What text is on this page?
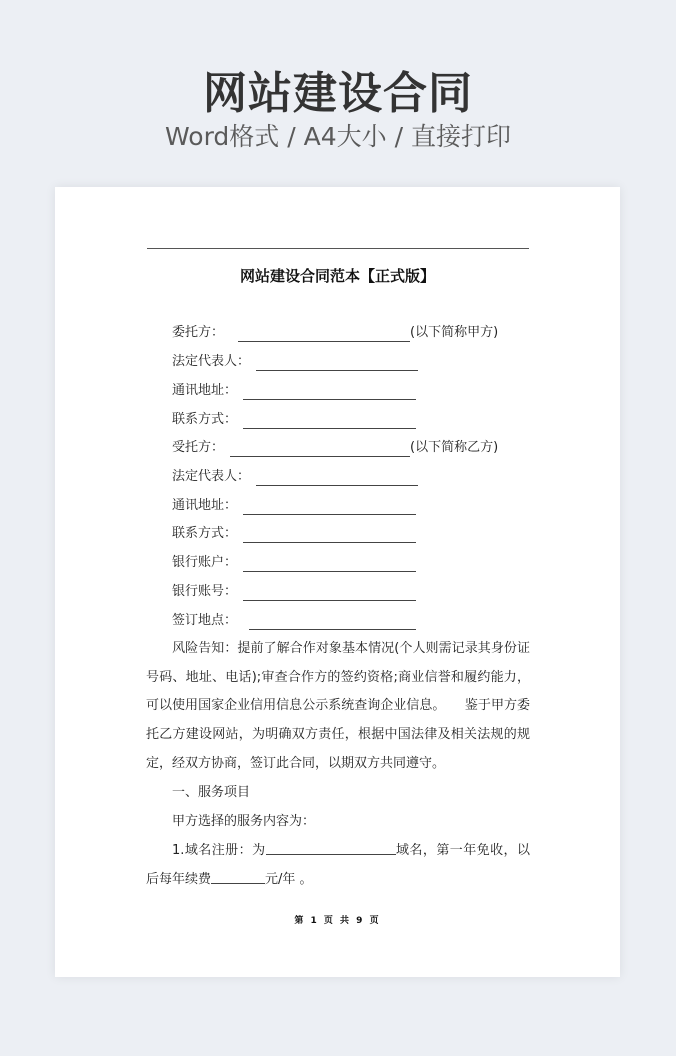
网站建设合同
Word格式 / A4大小 / 直接打印
网站建设合同范本【正式版】
委托方：	(以下简称甲方)
法定代表人：
通讯地址：
联系方式：
受托方：	(以下简称乙方)
法定代表人：
通讯地址：
联系方式：
银行账户：
银行账号：
签订地点：
风险告知：提前了解合作对象基本情况(个人则需记录其身份证号码、地址、电话);审查合作方的签约资格;商业信誉和履约能力，可以使用国家企业信用信息公示系统查询企业信息。　　鉴于甲方委托乙方建设网站，为明确双方责任，根据中国法律及相关法规的规定，经双方协商，签订此合同，以期双方共同遵守。
一、服务项目
甲方选择的服务内容为：
1.域名注册：为	域名，第一年免收，以后每年续费	元/年 。
第 1 页 共 9 页
